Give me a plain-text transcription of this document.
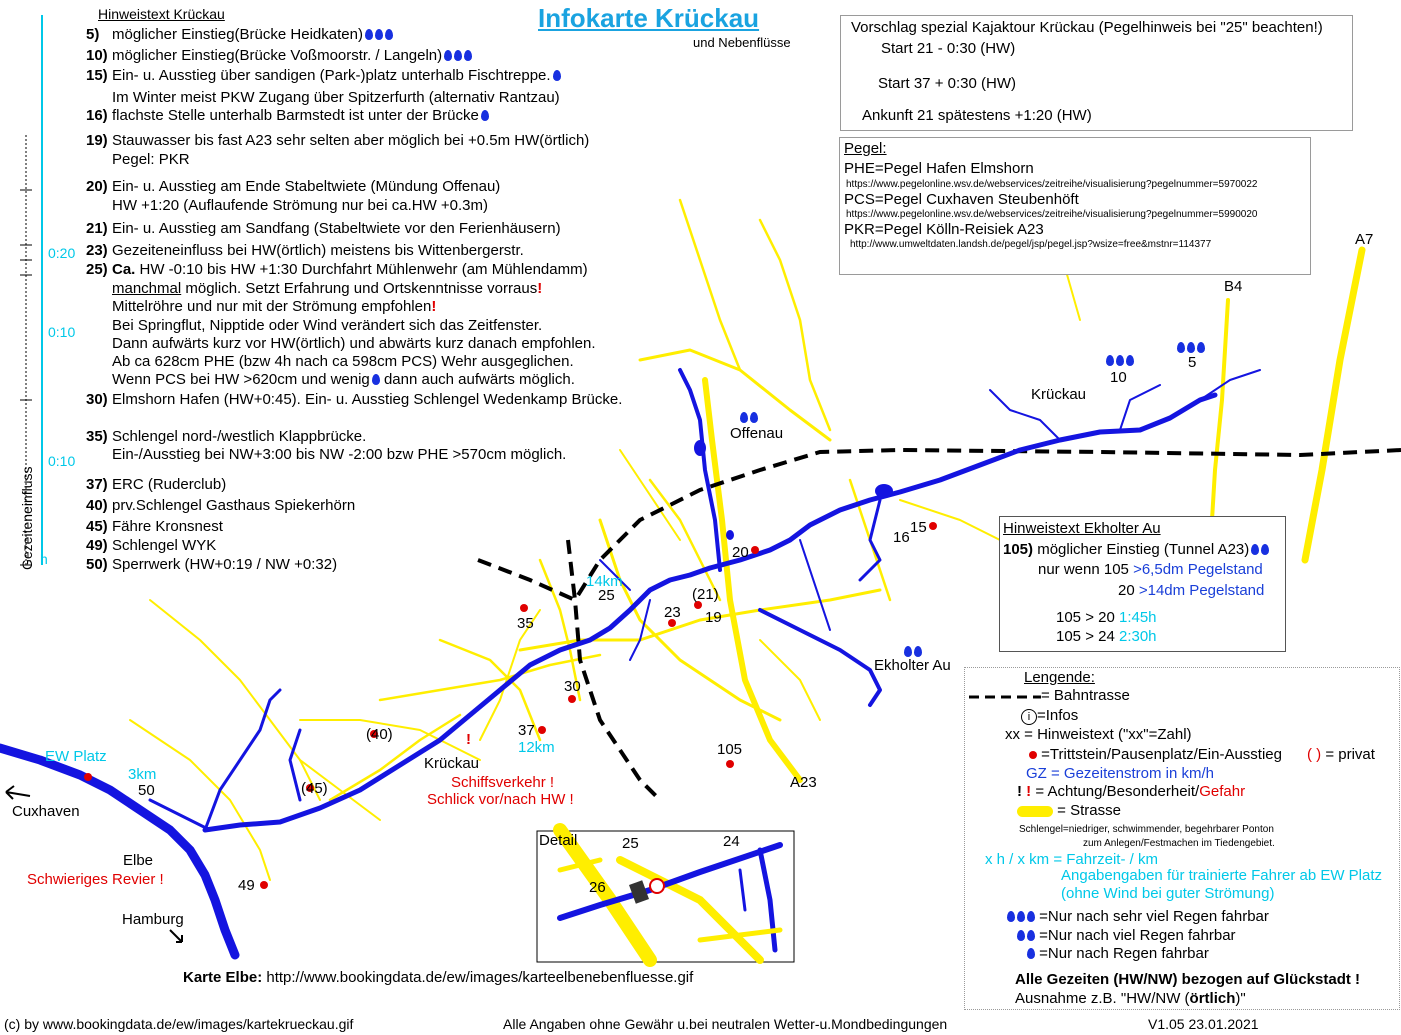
Infokarte Krückau
und Nebenflüsse
Hinweistext Krückau
5) möglicher Einstieg(Brücke Heidkaten)
10) möglicher Einstieg(Brücke Voßmoorstr. / Langeln)
15) Ein- u. Ausstieg über sandigen (Park-)platz unterhalb Fischtreppe.
Im Winter meist PKW Zugang über Spitzerfurth (alternativ Rantzau)
16) flachste Stelle unterhalb Barmstedt ist unter der Brücke
19) Stauwasser bis fast A23 sehr selten aber möglich bei +0.5m HW(örtlich)
Pegel: PKR
20) Ein- u. Ausstieg am Ende Stabeltwiete (Mündung Offenau)
HW +1:20 (Auflaufende Strömung nur bei ca.HW +0.3m)
21) Ein- u. Ausstieg am Sandfang (Stabeltwiete vor den Ferienhäusern)
23) Gezeiteneinfluss bei HW(örtlich) meistens bis Wittenbergerstr.
25) Ca. HW -0:10 bis HW +1:30 Durchfahrt Mühlenwehr (am Mühlendamm)
manchmal möglich. Setzt Erfahrung und Ortskenntnisse vorraus!
Mittelröhre und nur mit der Strömung empfohlen!
Bei Springflut, Nipptide oder Wind verändert sich das Zeitfenster.
Dann aufwärts kurz vor HW(örtlich) und abwärts kurz danach empfohlen.
Ab ca 628cm PHE (bzw 4h nach ca 598cm PCS) Wehr ausgeglichen.
Wenn PCS bei HW >620cm und wenig dann auch aufwärts möglich.
30) Elmshorn Hafen (HW+0:45). Ein- u. Ausstieg Schlengel Wedenkamp Brücke.
35) Schlengel nord-/westlich Klappbrücke.
Ein-/Ausstieg bei NW+3:00 bis NW -2:00 bzw PHE >570cm möglich.
37) ERC (Ruderclub)
40) prv.Schlengel Gasthaus Spiekerhörn
45) Fähre Kronsnest
49) Schlengel WYK
50) Sperrwerk (HW+0:19 / NW +0:32)
0:20
0:10
0:10
h
Gezeiteneinfluss
Vorschlag spezial Kajaktour Krückau (Pegelhinweis bei "25" beachten!)
Start 21 - 0:30 (HW)
Start 37 + 0:30 (HW)
Ankunft 21 spätestens +1:20 (HW)
Pegel:
PHE=Pegel Hafen Elmshorn
https://www.pegelonline.wsv.de/webservices/zeitreihe/visualisierung?pegelnummer=5970022
PCS=Pegel Cuxhaven Steubenhöft
https://www.pegelonline.wsv.de/webservices/zeitreihe/visualisierung?pegelnummer=5990020
PKR=Pegel Kölln-Reisiek A23
http://www.umweltdaten.landsh.de/pegel/jsp/pegel.jsp?wsize=free&mstnr=114377
Hinweistext Ekholter Au
105) möglicher Einstieg (Tunnel A23)
nur wenn 105 >6,5dm Pegelstand
20 >14dm Pegelstand
105 > 20 1:45h
105 > 24 2:30h
Lengende:
= Bahntrasse
i =Infos
xx = Hinweistext ("xx"=Zahl)
=Trittstein/Pausenplatz/Ein-Ausstieg ( ) = privat
GZ = Gezeitenstrom in km/h
! ! = Achtung/Besonderheit/Gefahr
= Strasse
Schlengel=niedriger, schwimmender, begehrbarer Ponton
zum Anlegen/Festmachen im Tiedengebiet.
x h / x km = Fahrzeit- / km
Angabengaben für trainierte Fahrer ab EW Platz
(ohne Wind bei guter Strömung)
=Nur nach sehr viel Regen fahrbar
=Nur nach viel Regen fahrbar
=Nur nach Regen fahrbar
Alle Gezeiten (HW/NW) bezogen auf Glückstadt !
Ausnahme z.B. "HW/NW (örtlich)"
A7
B4
A23
Krückau
Offenau
Ekholter Au
Krückau
Schiffsverkehr !
Schlick vor/nach HW !
!
EW Platz
3km
12km
14km
Cuxhaven
Elbe
Schwieriges Revier !
Hamburg
Detail
5
10
15
16
19
20
(21)
23
25
30
35
37
(40)
(45)
49
50
105
25	24
26
Karte Elbe: http://www.bookingdata.de/ew/images/karteelbenebenfluesse.gif
(c) by www.bookingdata.de/ew/images/kartekrueckau.gif	Alle Angaben ohne Gewähr u.bei neutralen Wetter-u.Mondbedingungen	V1.05 23.01.2021
